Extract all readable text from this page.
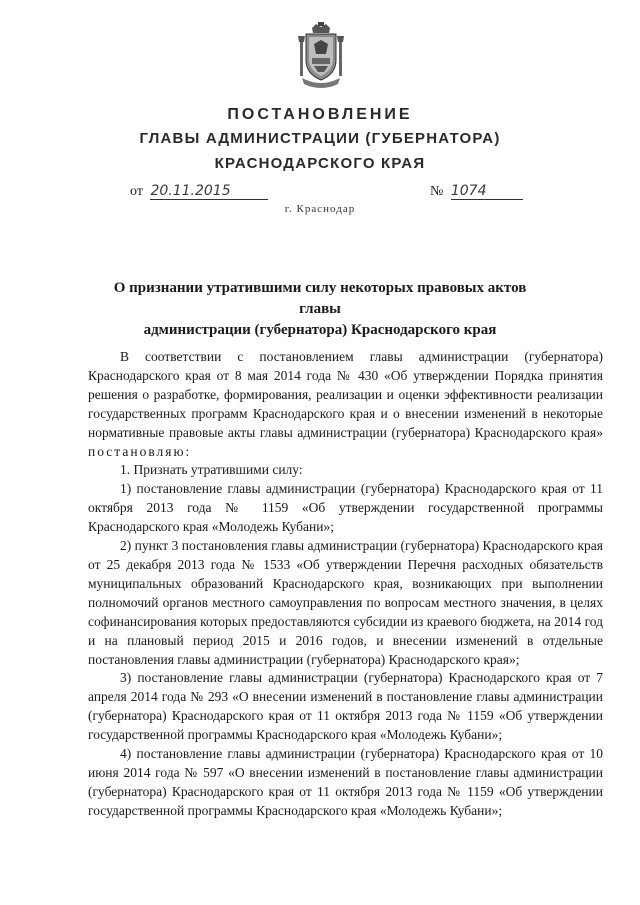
ПОСТАНОВЛЕНИЕ
ГЛАВЫ АДМИНИСТРАЦИИ (ГУБЕРНАТОРА)
КРАСНОДАРСКОГО КРАЯ
от 20.11.2015	№ 1074
г. Краснодар
О признании утратившими силу некоторых правовых актов главы
администрации (губернатора) Краснодарского края

В соответствии с постановлением главы администрации (губернатора) Краснодарского края от 8 мая 2014 года № 430 «Об утверждении Порядка принятия решения о разработке, формирования, реализации и оценки эффективности реализации государственных программ Краснодарского края и о внесении изменений в некоторые нормативные правовые акты главы администрации (губернатора) Краснодарского края» постановляю:

1. Признать утратившими силу:

1) постановление главы администрации (губернатора) Краснодарского края от 11 октября 2013 года № 1159 «Об утверждении государственной программы Краснодарского края «Молодежь Кубани»;

2) пункт 3 постановления главы администрации (губернатора) Краснодарского края от 25 декабря 2013 года № 1533 «Об утверждении Перечня расходных обязательств муниципальных образований Краснодарского края, возникающих при выполнении полномочий органов местного самоуправления по вопросам местного значения, в целях софинансирования которых предоставляются субсидии из краевого бюджета, на 2014 год и на плановый период 2015 и 2016 годов, и внесении изменений в отдельные постановления главы администрации (губернатора) Краснодарского края»;

3) постановление главы администрации (губернатора) Краснодарского края от 7 апреля 2014 года № 293 «О внесении изменений в постановление главы администрации (губернатора) Краснодарского края от 11 октября 2013 года № 1159 «Об утверждении государственной программы Краснодарского края «Молодежь Кубани»;

4) постановление главы администрации (губернатора) Краснодарского края от 10 июня 2014 года № 597 «О внесении изменений в постановление главы администрации (губернатора) Краснодарского края от 11 октября 2013 года № 1159 «Об утверждении государственной программы Краснодарского края «Молодежь Кубани»;
